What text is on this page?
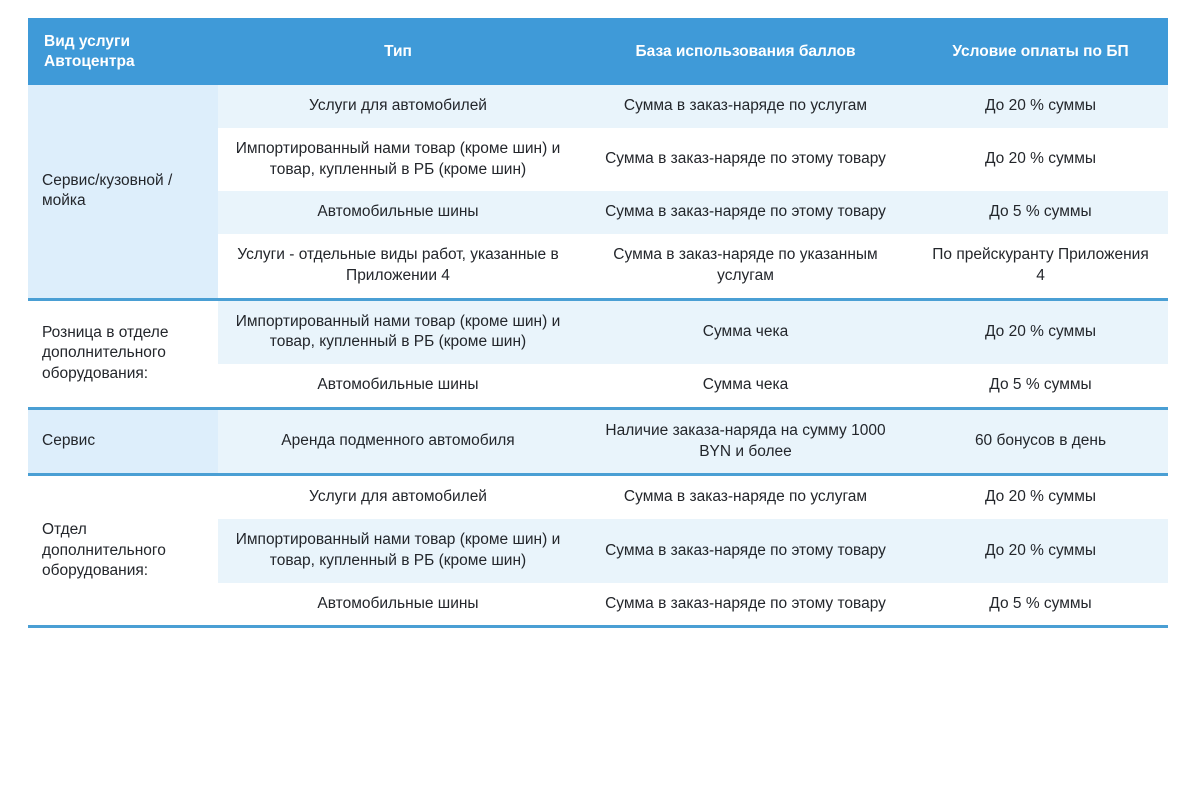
Вид услуги Автоцентра	Тип	База использования баллов	Условие оплаты по БП
Сервис/кузовной /мойка	Услуги для автомобилей	Сумма в заказ-наряде по услугам	До 20 % суммы
	Импортированный нами товар (кроме шин) и товар, купленный в РБ (кроме шин)	Сумма в заказ-наряде по этому товару	До 20 % суммы
	Автомобильные шины	Сумма в заказ-наряде по этому товару	До 5 % суммы
	Услуги - отдельные виды работ, указанные в Приложении 4	Сумма в заказ-наряде по указанным услугам	По прейскуранту Приложения 4

Розница в отделе дополнительного оборудования:	Импортированный нами товар (кроме шин) и товар, купленный в РБ (кроме шин)	Сумма чека	До 20 % суммы
	Автомобильные шины	Сумма чека	До 5 % суммы

Сервис	Аренда подменного автомобиля	Наличие заказа-наряда на сумму 1000 BYN и более	60 бонусов в день

Отдел дополнительного оборудования:	Услуги для автомобилей	Сумма в заказ-наряде по услугам	До 20 % суммы
	Импортированный нами товар (кроме шин) и товар, купленный в РБ (кроме шин)	Сумма в заказ-наряде по этому товару	До 20 % суммы
	Автомобильные шины	Сумма в заказ-наряде по этому товару	До 5 % суммы
